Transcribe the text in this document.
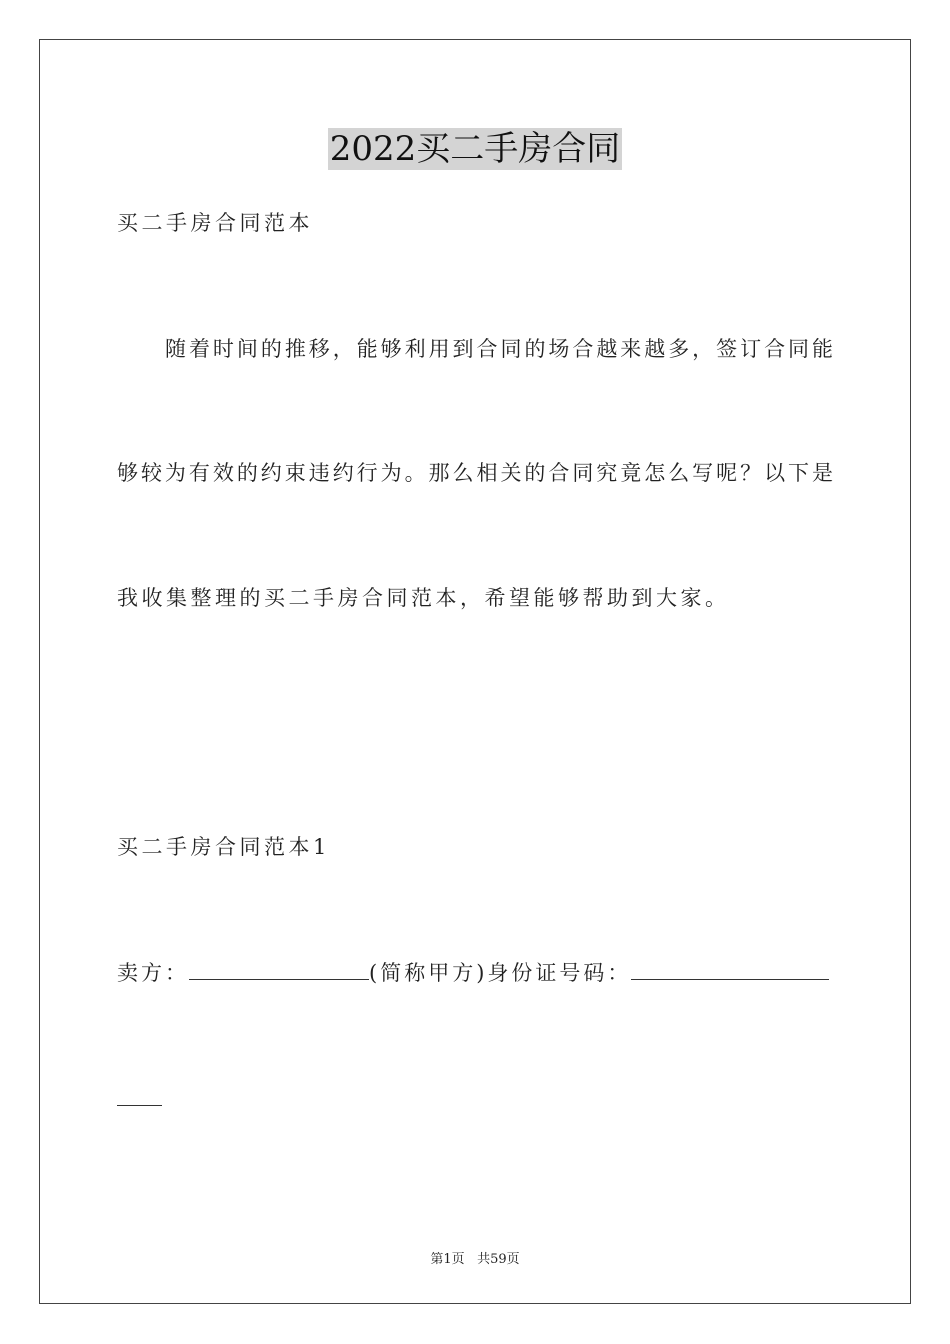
2022买二手房合同
买二手房合同范本
随着时间的推移，能够利用到合同的场合越来越多，签订合同能
够较为有效的约束违约行为。那么相关的合同究竟怎么写呢？以下是
我收集整理的买二手房合同范本，希望能够帮助到大家。
买二手房合同范本1
卖方：	(简称甲方)身份证号码：
第1页 共59页
